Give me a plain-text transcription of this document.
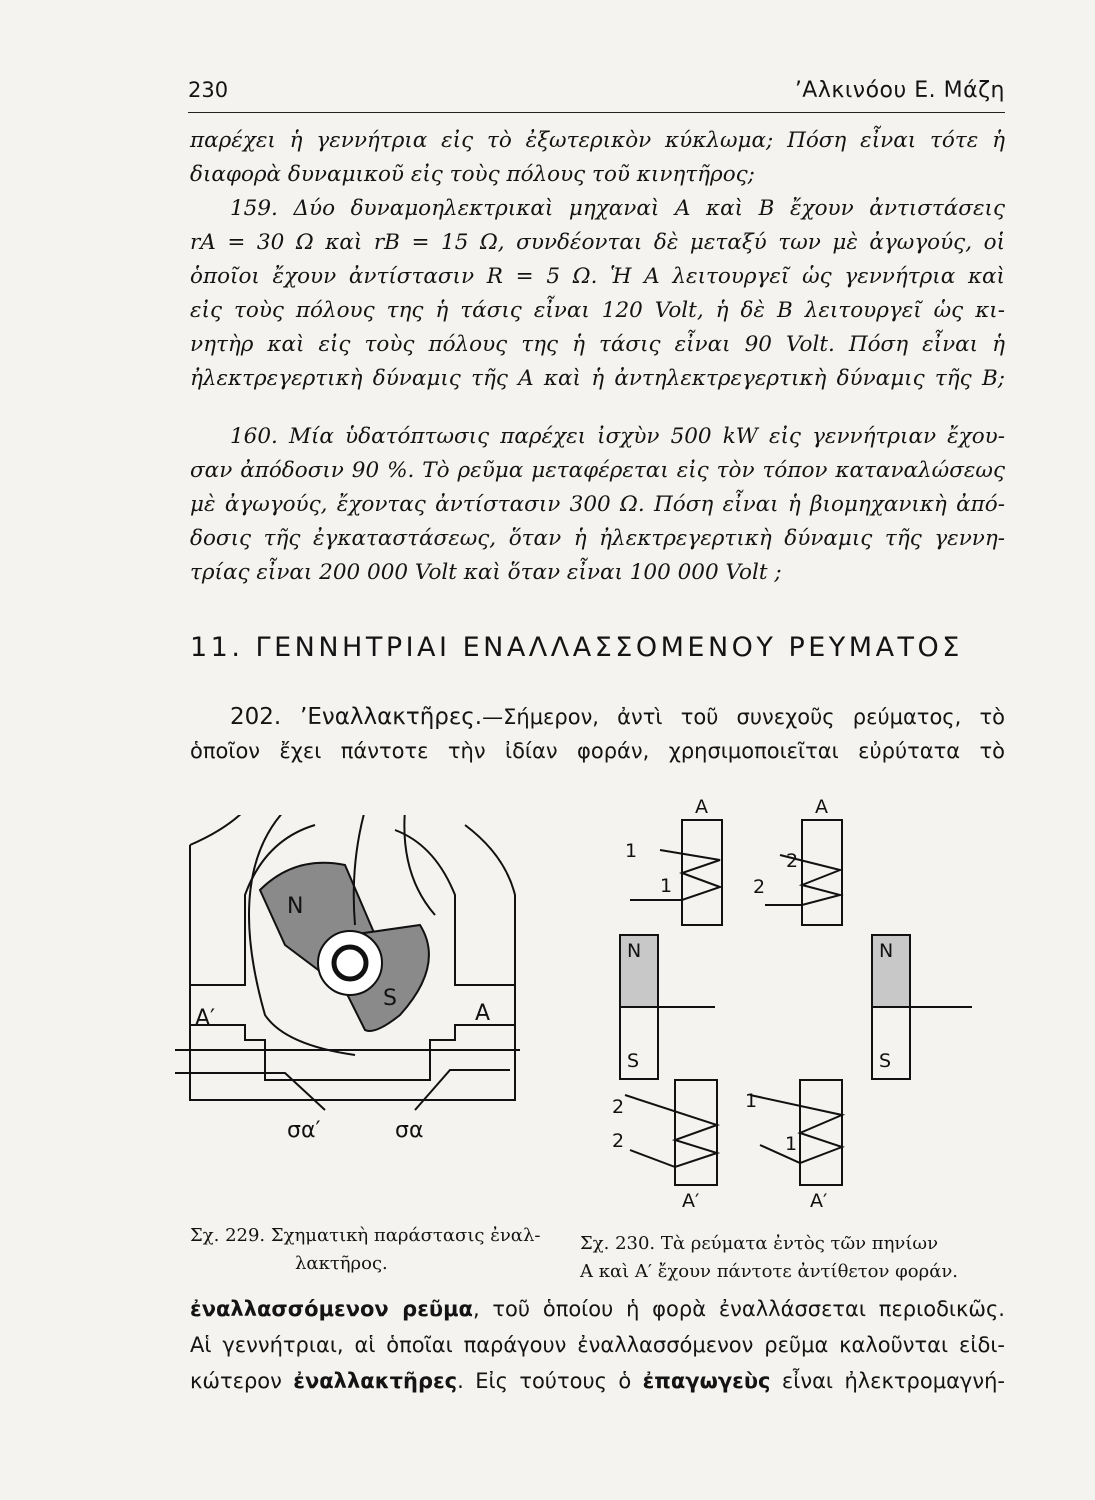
230	’Αλκινόου Ε. Μάζη
παρέχει ἡ γεννήτρια εἰς τὸ ἐξωτερικὸν κύκλωμα; Πόση εἶναι τότε ἡ
διαφορὰ δυναμικοῦ εἰς τοὺς πόλους τοῦ κινητῆρος;
159. Δύο δυναμοηλεκτρικαὶ μηχαναὶ Α καὶ Β ἔχουν ἀντιστάσεις
rA = 30 Ω καὶ rB = 15 Ω, συνδέονται δὲ μεταξύ των μὲ ἀγωγούς, οἱ
ὁποῖοι ἔχουν ἀντίστασιν R = 5 Ω. Ἡ Α λειτουργεῖ ὡς γεννήτρια καὶ
εἰς τοὺς πόλους της ἡ τάσις εἶναι 120 Volt, ἡ δὲ Β λειτουργεῖ ὡς κι-
νητὴρ καὶ εἰς τοὺς πόλους της ἡ τάσις εἶναι 90 Volt. Πόση εἶναι ἡ
ἠλεκτρεγερτικὴ δύναμις τῆς Α καὶ ἡ ἀντηλεκτρεγερτικὴ δύναμις τῆς Β;
160. Μία ὑδατόπτωσις παρέχει ἰσχὺν 500 kW εἰς γεννήτριαν ἔχου-
σαν ἀπόδοσιν 90 %. Τὸ ρεῦμα μεταφέρεται εἰς τὸν τόπον καταναλώσεως
μὲ ἀγωγούς, ἔχοντας ἀντίστασιν 300 Ω. Πόση εἶναι ἡ βιομηχανικὴ ἀπό-
δοσις τῆς ἐγκαταστάσεως, ὅταν ἡ ἠλεκτρεγερτικὴ δύναμις τῆς γεννη-
τρίας εἶναι 200 000 Volt καὶ ὅταν εἶναι 100 000 Volt ;
11. ΓΕΝΝΗΤΡΙΑΙ ΕΝΑΛΛΑΣΣΟΜΕΝΟΥ ΡΕΥΜΑΤΟΣ
202. ’Εναλλακτῆρες.—Σήμερον, ἀντὶ τοῦ συνεχοῦς ρεύματος, τὸ
ὁποῖον ἔχει πάντοτε τὴν ἰδίαν φοράν, χρησιμοποιεῖται εὐρύτατα τὸ
N
S
A′	A
σα′	σα
A	A
1
1
2
2
N
S
N
S
2
2
1
1
A′	A′
Σχ. 229. Σχηματικὴ παράστασις ἐναλ-
λακτῆρος.
Σχ. 230. Τὰ ρεύματα ἐντὸς τῶν πηνίων
Α καὶ Α′ ἔχουν πάντοτε ἀντίθετον φοράν.
ἐναλλασσόμενον ρεῦμα, τοῦ ὁποίου ἡ φορὰ ἐναλλάσσεται περιοδικῶς.
Αἱ γεννήτριαι, αἱ ὁποῖαι παράγουν ἐναλλασσόμενον ρεῦμα καλοῦνται εἰδι-
κώτερον ἐναλλακτῆρες. Εἰς τούτους ὁ ἐπαγωγεὺς εἶναι ἠλεκτρομαγνή-
